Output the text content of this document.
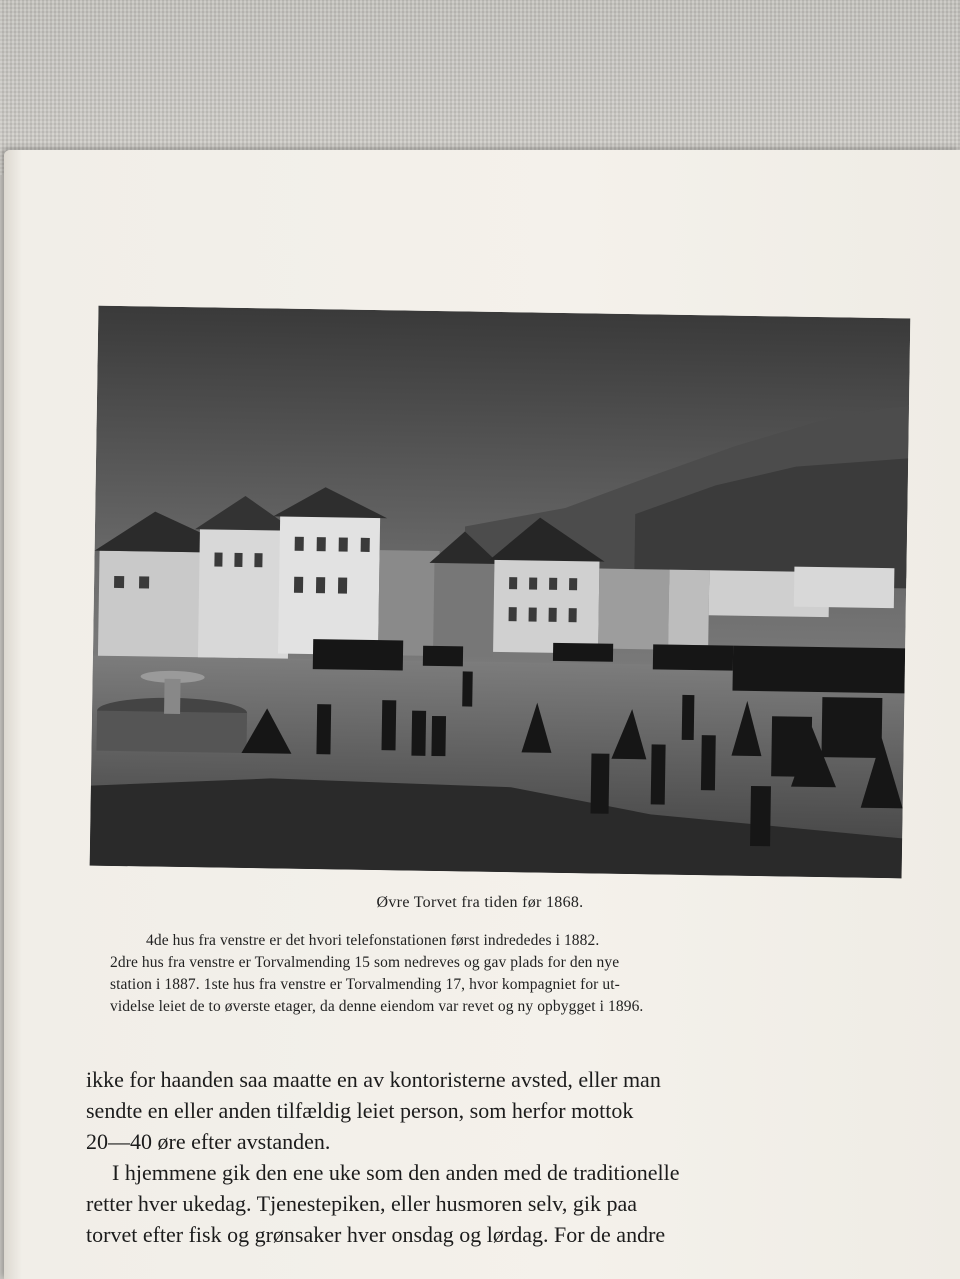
Øvre Torvet fra tiden før 1868.
4de hus fra venstre er det hvori telefonstationen først indrededes i 1882.
2dre hus fra venstre er Torvalmending 15 som nedreves og gav plads for den nye
station i 1887. 1ste hus fra venstre er Torvalmending 17, hvor kompagniet for ut-
videlse leiet de to øverste etager, da denne eiendom var revet og ny opbygget i 1896.
ikke for haanden saa maatte en av kontoristerne avsted, eller man
sendte en eller anden tilfældig leiet person, som herfor mottok
20—40 øre efter avstanden.
I hjemmene gik den ene uke som den anden med de traditionelle
retter hver ukedag. Tjenestepiken, eller husmoren selv, gik paa
torvet efter fisk og grønsaker hver onsdag og lørdag. For de andre
